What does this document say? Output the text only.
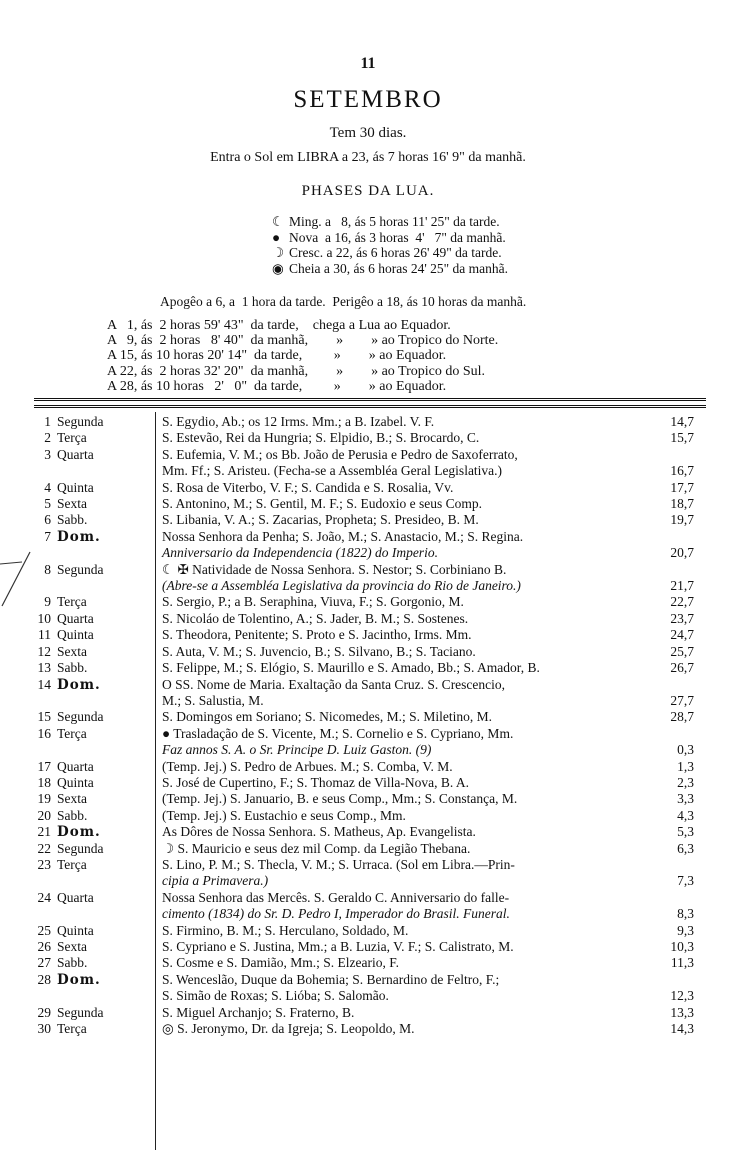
11
SETEMBRO
Tem 30 dias.
Entra o Sol em LIBRA a 23, ás 7 horas 16' 9" da manhã.
PHASES DA LUA.
☾ Ming. a   8, ás 5 horas 11' 25" da tarde.
● Nova  a 16, ás 3 horas  4'   7" da manhã.
☽ Cresc. a 22, ás 6 horas 26' 49" da tarde.
◉ Cheia a 30, ás 6 horas 24' 25" da manhã.
Apogêo a 6, a  1 hora da tarde.  Perigêo a 18, ás 10 horas da manhã.
A   1, ás  2 horas 59' 43"  da tarde,    chega a Lua ao Equador.
A   9, ás  2 horas   8' 40"  da manhã,        »        » ao Tropico do Norte.
A 15, ás 10 horas 20' 14"  da tarde,         »        » ao Equador.
A 22, ás  2 horas 32' 20"  da manhã,        »        » ao Tropico do Sul.
A 28, ás 10 horas   2'   0"  da tarde,         »        » ao Equador.
1 Segunda	S. Egydio, Ab.; os 12 Irms. Mm.; a B. Izabel. V. F.	14,7
2 Terça	S. Estevão, Rei da Hungria; S. Elpidio, B.; S. Brocardo, C.	15,7
3 Quarta	S. Eufemia, V. M.; os Bb. João de Perusia e Pedro de Saxoferrato,
Mm. Ff.; S. Aristeu. (Fecha-se a Assembléa Geral Legislativa.)	16,7
4 Quinta	S. Rosa de Viterbo, V. F.; S. Candida e S. Rosalia, Vv.	17,7
5 Sexta	S. Antonino, M.; S. Gentil, M. F.; S. Eudoxio e seus Comp.	18,7
6 Sabb.	S. Libania, V. A.; S. Zacarias, Propheta; S. Presideo, B. M.	19,7
7 Dom.	Nossa Senhora da Penha; S. João, M.; S. Anastacio, M.; S. Regina.
Anniversario da Independencia (1822) do Imperio.	20,7
8 Segunda	☾ ✠ Natividade de Nossa Senhora. S. Nestor; S. Corbiniano B.
(Abre-se a Assembléa Legislativa da provincia do Rio de Janeiro.)	21,7
9 Terça	S. Sergio, P.; a B. Seraphina, Viuva, F.; S. Gorgonio, M.	22,7
10 Quarta	S. Nicoláo de Tolentino, A.; S. Jader, B. M.; S. Sostenes.	23,7
11 Quinta	S. Theodora, Penitente; S. Proto e S. Jacintho, Irms. Mm.	24,7
12 Sexta	S. Auta, V. M.; S. Juvencio, B.; S. Silvano, B.; S. Taciano.	25,7
13 Sabb.	S. Felippe, M.; S. Elógio, S. Maurillo e S. Amado, Bb.; S. Amador, B.	26,7
14 Dom.	O SS. Nome de Maria. Exaltação da Santa Cruz. S. Crescencio,
M.; S. Salustia, M.	27,7
15 Segunda	S. Domingos em Soriano; S. Nicomedes, M.; S. Miletino, M.	28,7
16 Terça	● Trasladação de S. Vicente, M.; S. Cornelio e S. Cypriano, Mm.
Faz annos S. A. o Sr. Principe D. Luiz Gaston. (9)	0,3
17 Quarta	(Temp. Jej.) S. Pedro de Arbues. M.; S. Comba, V. M.	1,3
18 Quinta	S. José de Cupertino, F.; S. Thomaz de Villa-Nova, B. A.	2,3
19 Sexta	(Temp. Jej.) S. Januario, B. e seus Comp., Mm.; S. Constança, M.	3,3
20 Sabb.	(Temp. Jej.) S. Eustachio e seus Comp., Mm.	4,3
21 Dom.	As Dôres de Nossa Senhora. S. Matheus, Ap. Evangelista.	5,3
22 Segunda	☽ S. Mauricio e seus dez mil Comp. da Legião Thebana.	6,3
23 Terça	S. Lino, P. M.; S. Thecla, V. M.; S. Urraca. (Sol em Libra.—Prin-
cipia a Primavera.)	7,3
24 Quarta	Nossa Senhora das Mercês. S. Geraldo C. Anniversario do falle-
cimento (1834) do Sr. D. Pedro I, Imperador do Brasil. Funeral.	8,3
25 Quinta	S. Firmino, B. M.; S. Herculano, Soldado, M.	9,3
26 Sexta	S. Cypriano e S. Justina, Mm.; a B. Luzia, V. F.; S. Calistrato, M.	10,3
27 Sabb.	S. Cosme e S. Damião, Mm.; S. Elzeario, F.	11,3
28 Dom.	S. Wenceslão, Duque da Bohemia; S. Bernardino de Feltro, F.;
S. Simão de Roxas; S. Lióba; S. Salomão.	12,3
29 Segunda	S. Miguel Archanjo; S. Fraterno, B.	13,3
30 Terça	◎ S. Jeronymo, Dr. da Igreja; S. Leopoldo, M.	14,3
